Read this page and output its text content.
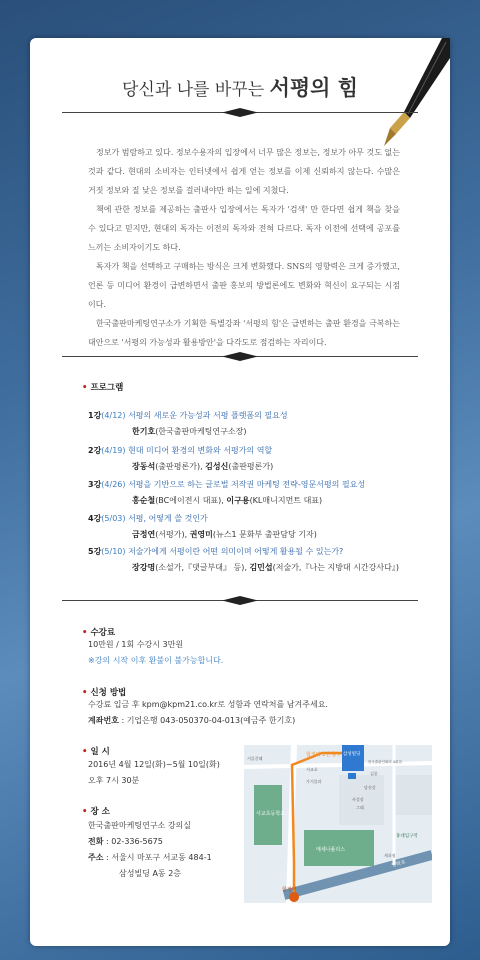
당신과 나를 바꾸는 서평의 힘

정보가 범람하고 있다. 정보수용자의 입장에서 너무 많은 정보는, 정보가 아무 것도 없는 것과 같다. 현대의 소비자는 인터넷에서 쉽게 얻는 정보를 이제 신뢰하지 않는다. 수많은 거짓 정보와 질 낮은 정보를 걸러내야만 하는 일에 지쳤다.

책에 관한 정보를 제공하는 출판사 입장에서는 독자가 '검색' 만 한다면 쉽게 책을 찾을 수 있다고 믿지만, 현대의 독자는 이전의 독자와 전혀 다르다. 독자 이전에 선택에 공포를 느끼는 소비자이기도 하다.

독자가 책을 선택하고 구매하는 방식은 크게 변화했다. SNS의 영향력은 크게 증가했고, 언론 등 미디어 환경이 급변하면서 출판 홍보의 방법론에도 변화와 혁신이 요구되는 시점이다.

한국출판마케팅연구소가 기획한 특별강좌 '서평의 힘'은 급변하는 출판 환경을 극복하는 대안으로 '서평의 가능성과 활용방안'을 다각도로 점검하는 자리이다.

• 프로그램
1강(4/12) 서평의 새로운 가능성과 서평 플랫폼의 필요성
한기호(한국출판마케팅연구소장)
2강(4/19) 현대 미디어 환경의 변화와 서평가의 역할
장동석(출판평론가), 김성신(출판평론가)
3강(4/26) 서평을 기반으로 하는 글로벌 저작권 마케팅 전략-영문서평의 필요성
홍순철(BC에이전시 대표), 이구용(KL매니지먼트 대표)
4강(5/03) 서평, 어떻게 쓸 것인가
금정연(서평가), 권영미(뉴스1 문화부 출판담당 기자)
5강(5/10) 저술가에게 서평이란 어떤 의미이며 어떻게 활용될 수 있는가?
장강명(소설가,『댓글부대』 등), 김민섭(저술가,『나는 지방대 시간강사다』)
• 수강료
10만원 / 1회 수강시 3만원
※강의 시작 이후 환불이 불가능합니다.
• 신청 방법
수강료 입금 후 kpm@kpm21.co.kr로 성함과 연락처를 남겨주세요.
계좌번호 : 기업은행 043-050370-04-013(예금주 한기호)
• 일 시
2016년 4월 12일(화)~5월 10일(화)
오후 7시 30분
• 장 소
한국출판마케팅연구소 강의실
전화 : 02-336-5675
주소 : 서울시 마포구 서교동 484-1
삼성빌딩 A동 2층
합정역 1번 출구 삼성빌딩
서교초등학교
메세나폴리스
합정역
홍대입구역
양화로
거믈갈래
한국출판인회의 4회점
서교초
가거블과
김종
당진강
사설장
그래
제과점
